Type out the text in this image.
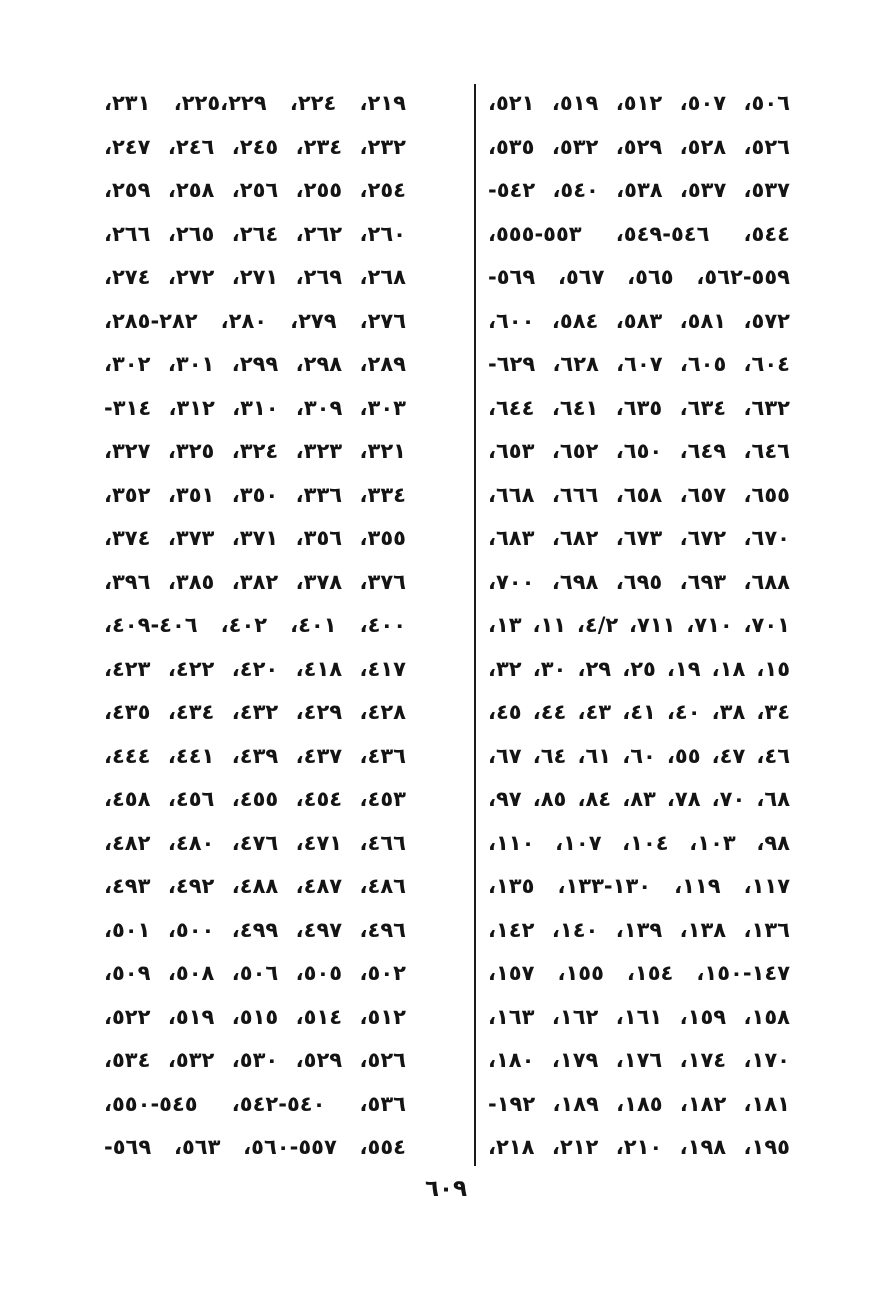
٥٠٦، ٥٠٧، ٥١٢، ٥١٩، ٥٢١،
٥٢٦، ٥٢٨، ٥٢٩، ٥٣٢، ٥٣٥،
٥٣٧، ٥٣٧، ٥٣٨، ٥٤٠، ٥٤٢-
٥٤٤، ٥٤٦-٥٤٩، ٥٥٣-٥٥٥،
٥٥٩-٥٦٢، ٥٦٥، ٥٦٧، ٥٦٩-
٥٧٢، ٥٨١، ٥٨٣، ٥٨٤، ٦٠٠،
٦٠٤، ٦٠٥، ٦٠٧، ٦٢٨، ٦٢٩-
٦٣٢، ٦٣٤، ٦٣٥، ٦٤١، ٦٤٤،
٦٤٦، ٦٤٩، ٦٥٠، ٦٥٢، ٦٥٣،
٦٥٥، ٦٥٧، ٦٥٨، ٦٦٦، ٦٦٨،
٦٧٠، ٦٧٢، ٦٧٣، ٦٨٢، ٦٨٣،
٦٨٨، ٦٩٣، ٦٩٥، ٦٩٨، ٧٠٠،
٧٠١، ٧١٠، ٧١١، ٤/٢، ١١، ١٣،
١٥، ١٨، ١٩، ٢٥، ٢٩، ٣٠، ٣٢،
٣٤، ٣٨، ٤٠، ٤١، ٤٣، ٤٤، ٤٥،
٤٦، ٤٧، ٥٥، ٦٠، ٦١، ٦٤، ٦٧،
٦٨، ٧٠، ٧٨، ٨٣، ٨٤، ٨٥، ٩٧،
٩٨، ١٠٣، ١٠٤، ١٠٧، ١١٠،
١١٧، ١١٩، ١٣٠-١٣٣، ١٣٥،
١٣٦، ١٣٨، ١٣٩، ١٤٠، ١٤٢،
١٤٧-١٥٠، ١٥٤، ١٥٥، ١٥٧،
١٥٨، ١٥٩، ١٦١، ١٦٢، ١٦٣،
١٧٠، ١٧٤، ١٧٦، ١٧٩، ١٨٠،
١٨١، ١٨٢، ١٨٥، ١٨٩، ١٩٢-
١٩٥، ١٩٨، ٢١٠، ٢١٢، ٢١٨،
٢١٩، ٢٢٤، ٢٢٥،٢٢٩، ٢٣١،
٢٣٢، ٢٣٤، ٢٤٥، ٢٤٦، ٢٤٧،
٢٥٤، ٢٥٥، ٢٥٦، ٢٥٨، ٢٥٩،
٢٦٠، ٢٦٢، ٢٦٤، ٢٦٥، ٢٦٦،
٢٦٨، ٢٦٩، ٢٧١، ٢٧٢، ٢٧٤،
٢٧٦، ٢٧٩، ٢٨٠، ٢٨٢-٢٨٥،
٢٨٩، ٢٩٨، ٢٩٩، ٣٠١، ٣٠٢،
٣٠٣، ٣٠٩، ٣١٠، ٣١٢، ٣١٤-
٣٢١، ٣٢٣، ٣٢٤، ٣٢٥، ٣٢٧،
٣٣٤، ٣٣٦، ٣٥٠، ٣٥١، ٣٥٢،
٣٥٥، ٣٥٦، ٣٧١، ٣٧٣، ٣٧٤،
٣٧٦، ٣٧٨، ٣٨٢، ٣٨٥، ٣٩٦،
٤٠٠، ٤٠١، ٤٠٢، ٤٠٦-٤٠٩،
٤١٧، ٤١٨، ٤٢٠، ٤٢٢، ٤٢٣،
٤٢٨، ٤٢٩، ٤٣٢، ٤٣٤، ٤٣٥،
٤٣٦، ٤٣٧، ٤٣٩، ٤٤١، ٤٤٤،
٤٥٣، ٤٥٤، ٤٥٥، ٤٥٦، ٤٥٨،
٤٦٦، ٤٧١، ٤٧٦، ٤٨٠، ٤٨٢،
٤٨٦، ٤٨٧، ٤٨٨، ٤٩٢، ٤٩٣،
٤٩٦، ٤٩٧، ٤٩٩، ٥٠٠، ٥٠١،
٥٠٢، ٥٠٥، ٥٠٦، ٥٠٨، ٥٠٩،
٥١٢، ٥١٤، ٥١٥، ٥١٩، ٥٢٢،
٥٢٦، ٥٢٩، ٥٣٠، ٥٣٢، ٥٣٤،
٥٣٦، ٥٤٠-٥٤٢، ٥٤٥-٥٥٠،
٥٥٤، ٥٥٧-٥٦٠، ٥٦٣، ٥٦٩-
٦٠٩
